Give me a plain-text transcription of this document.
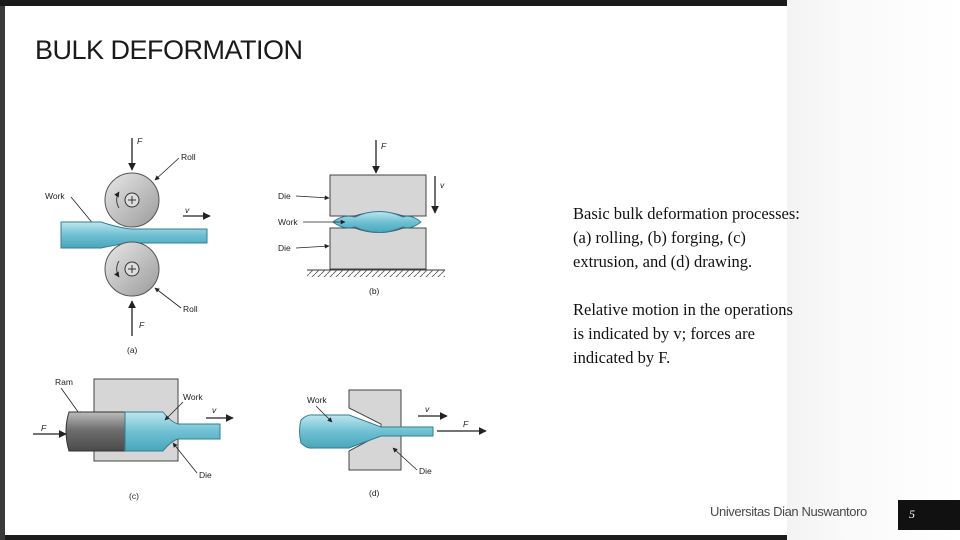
BULK DEFORMATION
F
Roll
Work
v
Roll
F
(a)
F
v
Die
Work
Die
(b)
Ram
F
Work
v
Die
(c)
Work
v
F
Die
(d)

Basic bulk deformation processes: (a) rolling, (b) forging, (c) extrusion, and (d) drawing.

Relative motion in the operations is indicated by v; forces are indicated by F.

Universitas Dian Nuswantoro	5
